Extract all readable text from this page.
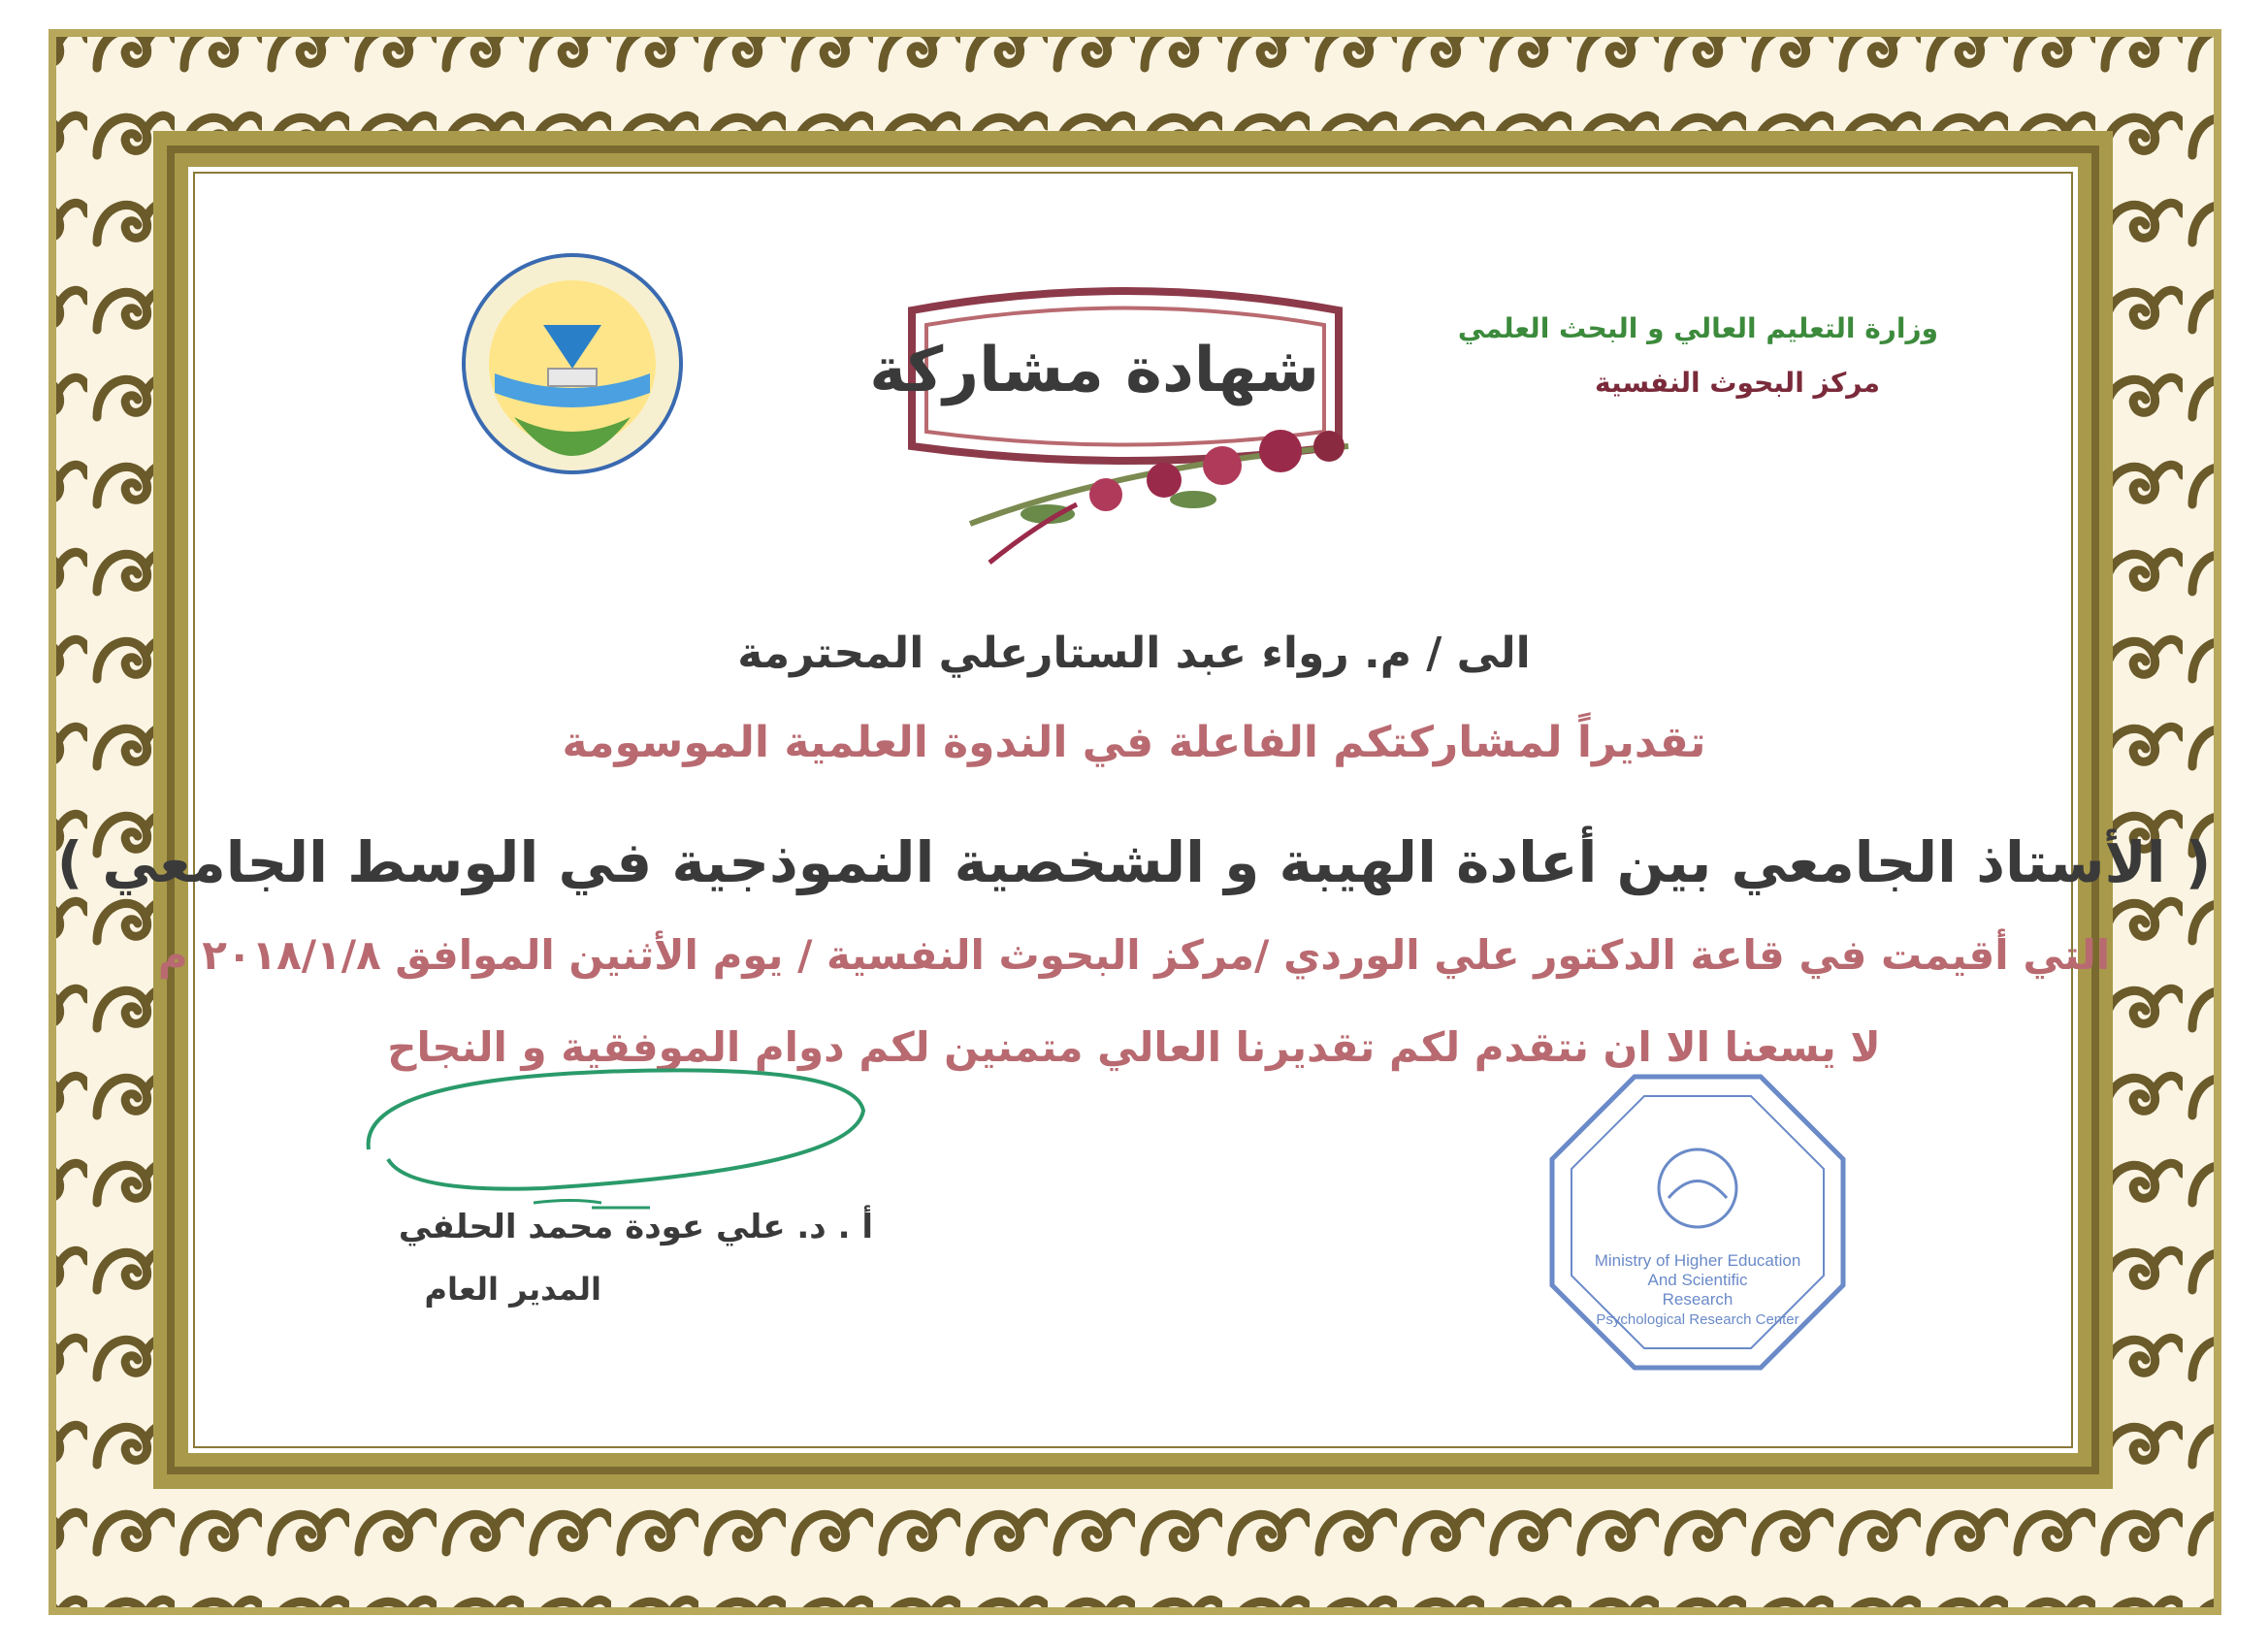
وزارة التعليم العالي و البحث العلمي
مركز البحوث النفسية
شهادة مشاركة
الى / م. رواء عبد الستارعلي المحترمة
تقديراً لمشاركتكم الفاعلة في الندوة العلمية الموسومة
( الأستاذ الجامعي بين أعادة الهيبة و الشخصية النموذجية في الوسط الجامعي )
التي أقيمت في قاعة الدكتور علي الوردي /مركز البحوث النفسية / يوم الأثنين الموافق ٢٠١٨/١/٨ م
لا يسعنا الا ان نتقدم لكم تقديرنا العالي متمنين لكم دوام الموفقية و النجاح
أ . د. علي عودة محمد الحلفي
المدير العام
Ministry of Higher Education
And Scientific
Research
Psychological Research Center
